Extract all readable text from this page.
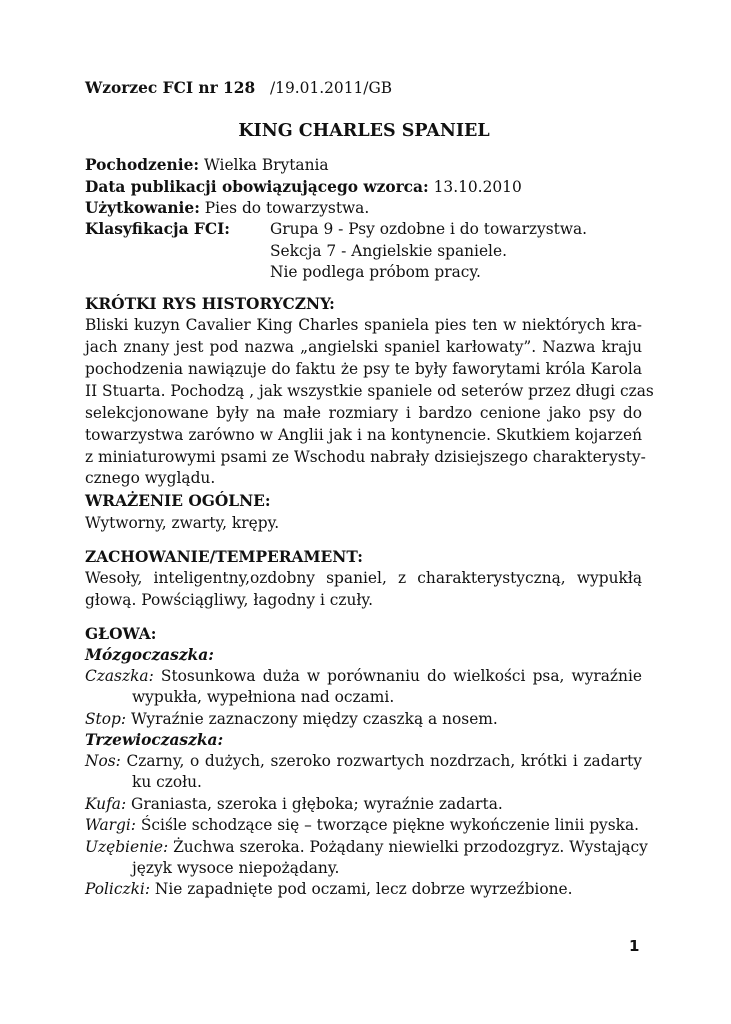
Wzorzec FCI nr 128 /19.01.2011/GB
KING CHARLES SPANIEL
Pochodzenie: Wielka Brytania
Data publikacji obowiązującego wzorca: 13.10.2010
Użytkowanie: Pies do towarzystwa.
Klasyfikacja FCI:	Grupa 9 - Psy ozdobne i do towarzystwa.
Sekcja 7 - Angielskie spaniele.
Nie podlega próbom pracy.
KRÓTKI RYS HISTORYCZNY:
Bliski kuzyn Cavalier King Charles spaniela pies ten w niektórych kra-
jach znany jest pod nazwa „angielski spaniel karłowaty”. Nazwa kraju
pochodzenia nawiązuje do faktu że psy te były faworytami króla Karola
II Stuarta. Pochodzą , jak wszystkie spaniele od seterów przez długi czas
selekcjonowane były na małe rozmiary i bardzo cenione jako psy do
towarzystwa zarówno w Anglii jak i na kontynencie. Skutkiem kojarzeń
z miniaturowymi psami ze Wschodu nabrały dzisiejszego charakterysty-
cznego wyglądu.
WRAŻENIE OGÓLNE:
Wytworny, zwarty, krępy.
ZACHOWANIE/TEMPERAMENT:
Wesoły, inteligentny,ozdobny spaniel, z charakterystyczną, wypukłą
głową. Powściągliwy, łagodny i czuły.
GŁOWA:
Mózgoczaszka:
Czaszka: Stosunkowa duża w porównaniu do wielkości psa, wyraźnie
wypukła, wypełniona nad oczami.
Stop: Wyraźnie zaznaczony między czaszką a nosem.
Trzewioczaszka:
Nos: Czarny, o dużych, szeroko rozwartych nozdrzach, krótki i zadarty
ku czołu.
Kufa: Graniasta, szeroka i głęboka; wyraźnie zadarta.
Wargi: Ściśle schodzące się – tworzące piękne wykończenie linii pyska.
Uzębienie: Żuchwa szeroka. Pożądany niewielki przodozgryz. Wystający
język wysoce niepożądany.
Policzki: Nie zapadnięte pod oczami, lecz dobrze wyrzeźbione.
1
